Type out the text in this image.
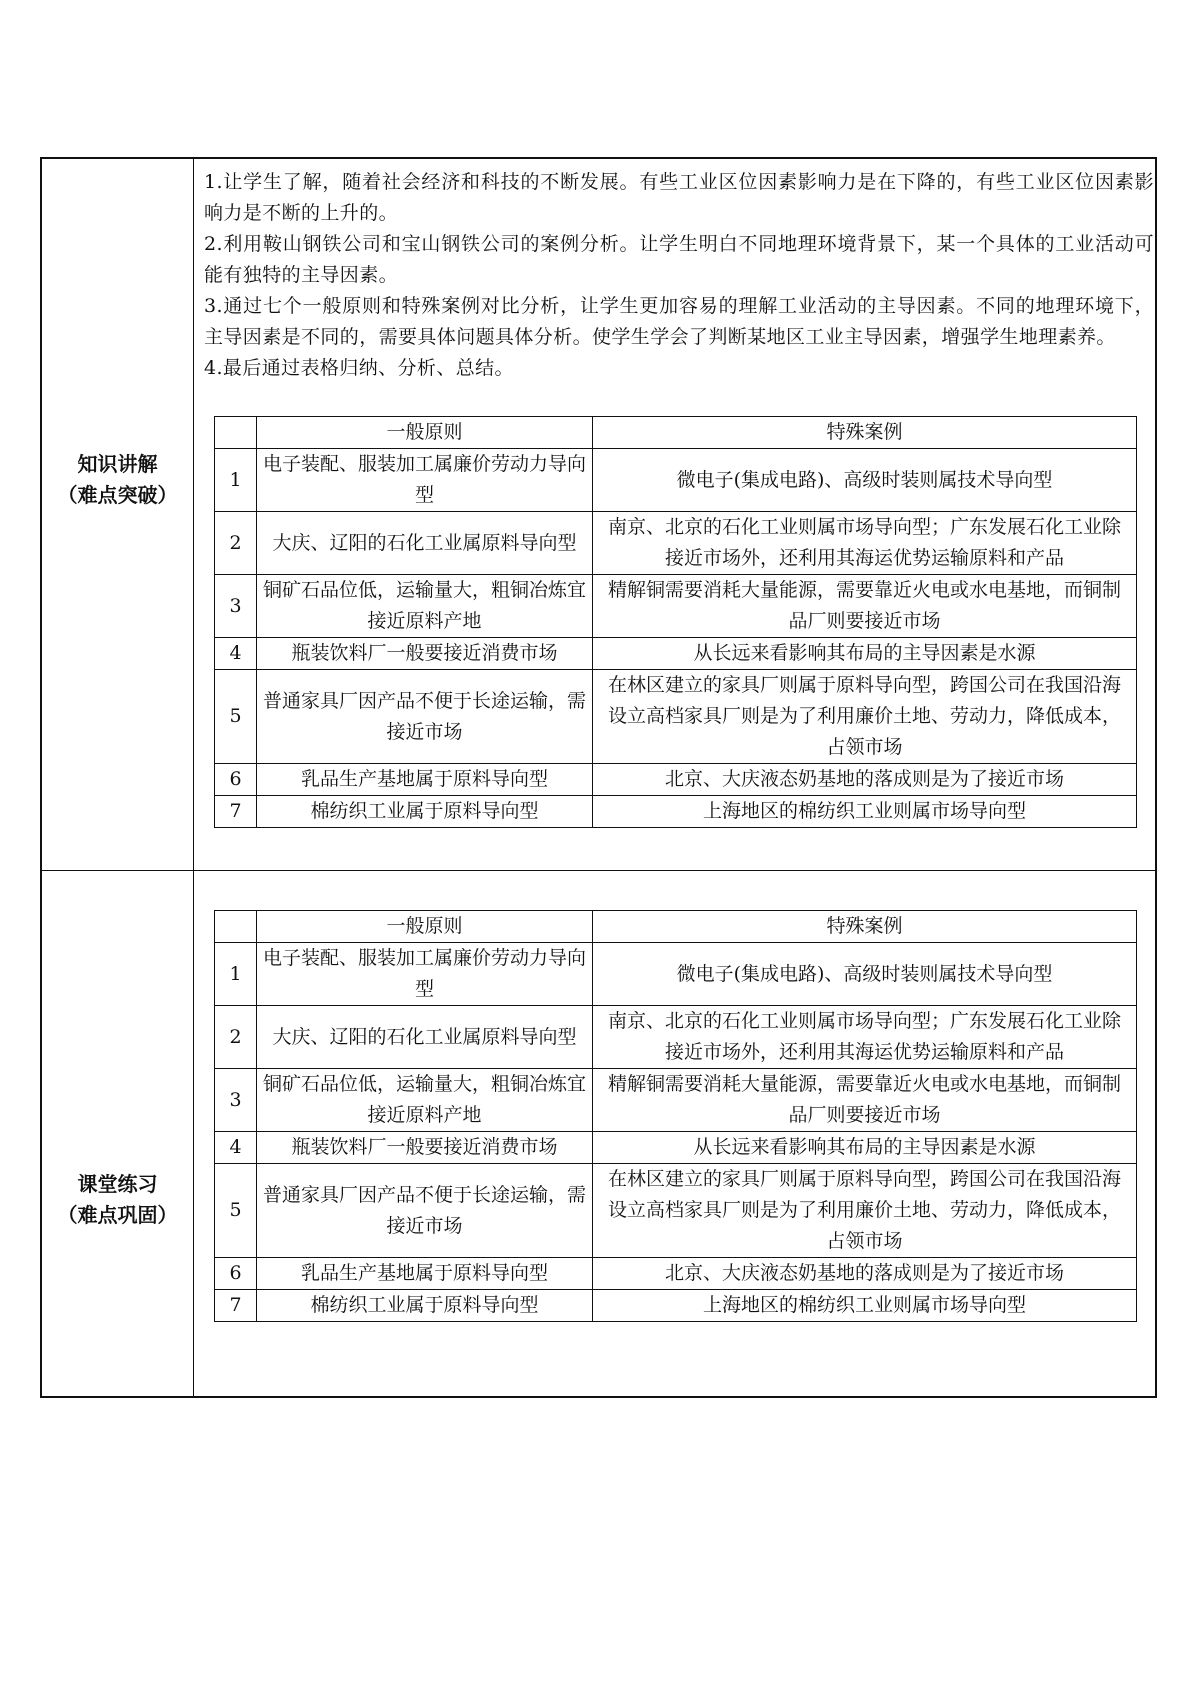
知识讲解
（难点突破）
课堂练习
（难点巩固）

1.让学生了解，随着社会经济和科技的不断发展。有些工业区位因素影响力是在下降的，有些工业区位因素影响力是不断的上升的。

2.利用鞍山钢铁公司和宝山钢铁公司的案例分析。让学生明白不同地理环境背景下，某一个具体的工业活动可能有独特的主导因素。

3.通过七个一般原则和特殊案例对比分析，让学生更加容易的理解工业活动的主导因素。不同的地理环境下，主导因素是不同的，需要具体问题具体分析。使学生学会了判断某地区工业主导因素，增强学生地理素养。

4.最后通过表格归纳、分析、总结。

	一般原则	特殊案例
1	电子装配、服装加工属廉价劳动力导向型	微电子(集成电路)、高级时装则属技术导向型
2	大庆、辽阳的石化工业属原料导向型	南京、北京的石化工业则属市场导向型；广东发展石化工业除接近市场外，还利用其海运优势运输原料和产品
3	铜矿石品位低，运输量大，粗铜冶炼宜接近原料产地	精解铜需要消耗大量能源，需要靠近火电或水电基地，而铜制品厂则要接近市场
4	瓶装饮料厂一般要接近消费市场	从长远来看影响其布局的主导因素是水源
5	普通家具厂因产品不便于长途运输，需接近市场	在林区建立的家具厂则属于原料导向型，跨国公司在我国沿海设立高档家具厂则是为了利用廉价土地、劳动力，降低成本，占领市场
6	乳品生产基地属于原料导向型	北京、大庆液态奶基地的落成则是为了接近市场
7	棉纺织工业属于原料导向型	上海地区的棉纺织工业则属市场导向型
	一般原则	特殊案例
1	电子装配、服装加工属廉价劳动力导向型	微电子(集成电路)、高级时装则属技术导向型
2	大庆、辽阳的石化工业属原料导向型	南京、北京的石化工业则属市场导向型；广东发展石化工业除接近市场外，还利用其海运优势运输原料和产品
3	铜矿石品位低，运输量大，粗铜冶炼宜接近原料产地	精解铜需要消耗大量能源，需要靠近火电或水电基地，而铜制品厂则要接近市场
4	瓶装饮料厂一般要接近消费市场	从长远来看影响其布局的主导因素是水源
5	普通家具厂因产品不便于长途运输，需接近市场	在林区建立的家具厂则属于原料导向型，跨国公司在我国沿海设立高档家具厂则是为了利用廉价土地、劳动力，降低成本，占领市场
6	乳品生产基地属于原料导向型	北京、大庆液态奶基地的落成则是为了接近市场
7	棉纺织工业属于原料导向型	上海地区的棉纺织工业则属市场导向型
